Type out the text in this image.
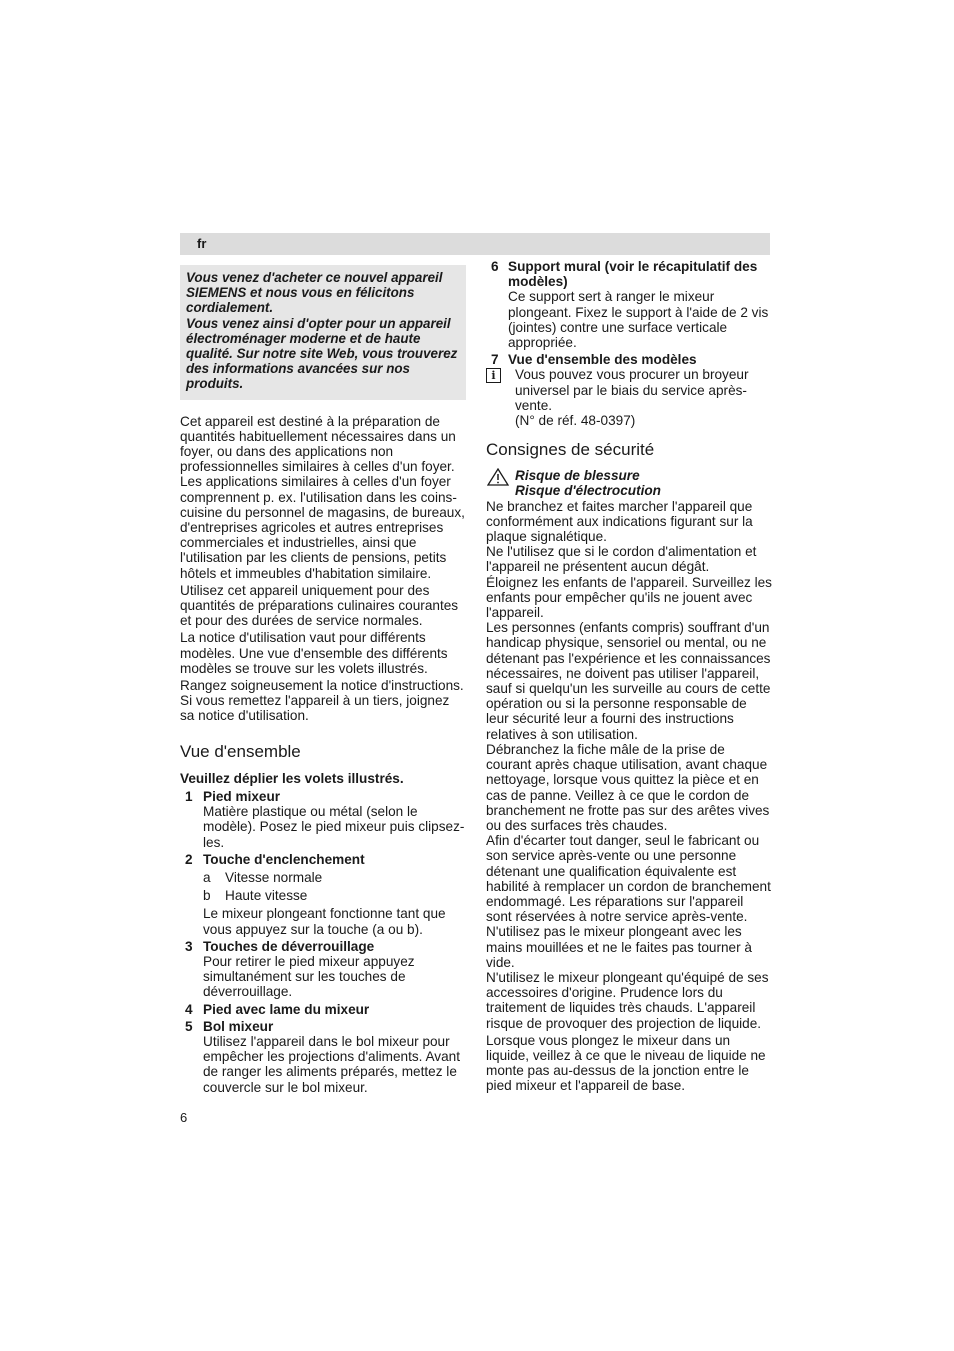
fr

Vous venez d'acheter ce nouvel appareil SIEMENS et nous vous en félicitons cordialement.

Vous venez ainsi d'opter pour un appareil électroménager moderne et de haute qualité. Sur notre site Web, vous trouverez des informations avancées sur nos produits.

Cet appareil est destiné à la préparation de quantités habituellement nécessaires dans un foyer, ou dans des applications non professionnelles similaires à celles d'un foyer. Les applications similaires à celles d'un foyer comprennent p. ex. l'utilisation dans les coins-cuisine du personnel de magasins, de bureaux, d'entreprises agricoles et autres entreprises commerciales et industrielles, ainsi que l'utilisation par les clients de pensions, petits hôtels et immeubles d'habitation similaire.

Utilisez cet appareil uniquement pour des quantités de préparations culinaires courantes et pour des durées de service normales.

La notice d'utilisation vaut pour différents modèles. Une vue d'ensemble des différents modèles se trouve sur les volets illustrés.

Rangez soigneusement la notice d'instructions. Si vous remettez l'appareil à un tiers, joignez sa notice d'utilisation.

Vue d'ensemble

Veuillez déplier les volets illustrés.

1 Pied mixeur

Matière plastique ou métal (selon le modèle). Posez le pied mixeur puis clipsez-les.

2 Touche d'enclenchement

a Vitesse normale
b Haute vitesse

Le mixeur plongeant fonctionne tant que vous appuyez sur la touche (a ou b).

3 Touches de déverrouillage

Pour retirer le pied mixeur appuyez simultanément sur les touches de déverrouillage.

4 Pied avec lame du mixeur

5 Bol mixeur

Utilisez l'appareil dans le bol mixeur pour empêcher les projections d'aliments. Avant de ranger les aliments préparés, mettez le couvercle sur le bol mixeur.

6 Support mural (voir le récapitulatif des modèles)

Ce support sert à ranger le mixeur plongeant. Fixez le support à l'aide de 2 vis (jointes) contre une surface verticale appropriée.

7 Vue d'ensemble des modèles

i	Vous pouvez vous procurer un broyeur universel par le biais du service après-vente.

(N° de réf. 48-0397)

Consignes de sécurité

Risque de blessure

Risque d'électrocution

Ne branchez et faites marcher l'appareil que conformément aux indications figurant sur la plaque signalétique.

Ne l'utilisez que si le cordon d'alimentation et l'appareil ne présentent aucun dégât.

Éloignez les enfants de l'appareil. Surveillez les enfants pour empêcher qu'ils ne jouent avec l'appareil.

Les personnes (enfants compris) souffrant d'un handicap physique, sensoriel ou mental, ou ne détenant pas l'expérience et les connaissances nécessaires, ne doivent pas utiliser l'appareil, sauf si quelqu'un les surveille au cours de cette opération ou si la personne responsable de leur sécurité leur a fourni des instructions relatives à son utilisation.

Débranchez la fiche mâle de la prise de courant après chaque utilisation, avant chaque nettoyage, lorsque vous quittez la pièce et en cas de panne. Veillez à ce que le cordon de branchement ne frotte pas sur des arêtes vives ou des surfaces très chaudes.

Afin d'écarter tout danger, seul le fabricant ou son service après-vente ou une personne détenant une qualification équivalente est habilité à remplacer un cordon de branchement endommagé. Les réparations sur l'appareil sont réservées à notre service après-vente.

N'utilisez pas le mixeur plongeant avec les mains mouillées et ne le faites pas tourner à vide.

N'utilisez le mixeur plongeant qu'équipé de ses accessoires d'origine. Prudence lors du traitement de liquides très chauds. L'appareil risque de provoquer des projection de liquide.

Lorsque vous plongez le mixeur dans un liquide, veillez à ce que le niveau de liquide ne monte pas au-dessus de la jonction entre le pied mixeur et l'appareil de base.

6
